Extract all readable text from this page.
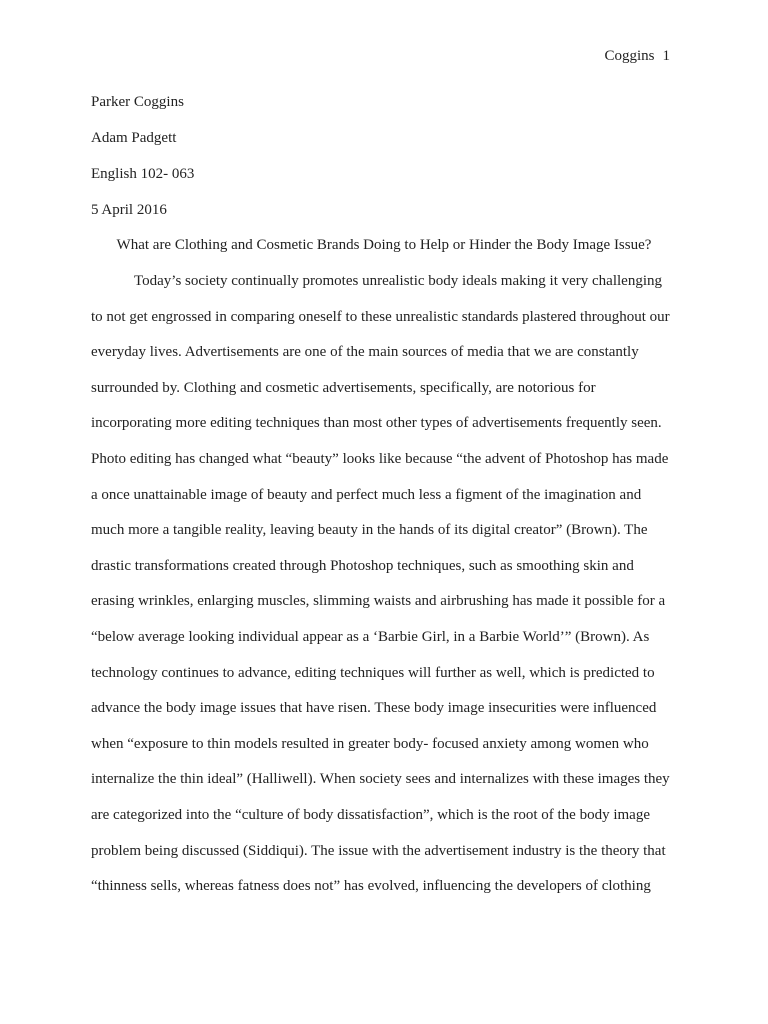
Coggins 1
Parker Coggins
Adam Padgett
English 102- 063
5 April 2016
What are Clothing and Cosmetic Brands Doing to Help or Hinder the Body Image Issue?
Today’s society continually promotes unrealistic body ideals making it very challenging
to not get engrossed in comparing oneself to these unrealistic standards plastered throughout our
everyday lives. Advertisements are one of the main sources of media that we are constantly
surrounded by. Clothing and cosmetic advertisements, specifically, are notorious for
incorporating more editing techniques than most other types of advertisements frequently seen.
Photo editing has changed what “beauty” looks like because “the advent of Photoshop has made
a once unattainable image of beauty and perfect much less a figment of the imagination and
much more a tangible reality, leaving beauty in the hands of its digital creator” (Brown). The
drastic transformations created through Photoshop techniques, such as smoothing skin and
erasing wrinkles, enlarging muscles, slimming waists and airbrushing has made it possible for a
“below average looking individual appear as a ‘Barbie Girl, in a Barbie World’” (Brown). As
technology continues to advance, editing techniques will further as well, which is predicted to
advance the body image issues that have risen. These body image insecurities were influenced
when “exposure to thin models resulted in greater body- focused anxiety among women who
internalize the thin ideal” (Halliwell). When society sees and internalizes with these images they
are categorized into the “culture of body dissatisfaction”, which is the root of the body image
problem being discussed (Siddiqui). The issue with the advertisement industry is the theory that
“thinness sells, whereas fatness does not” has evolved, influencing the developers of clothing
